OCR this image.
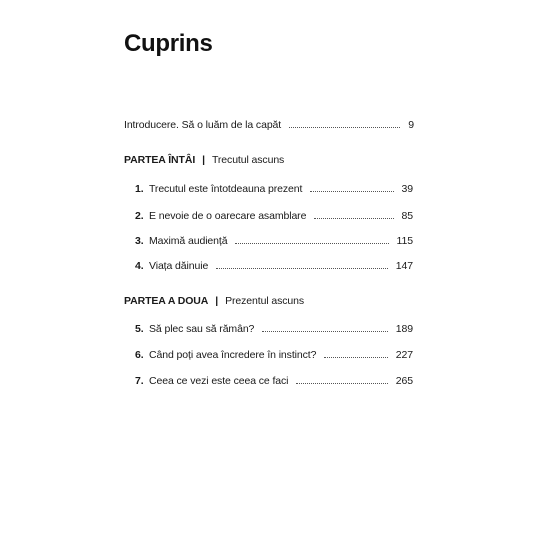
Cuprins
Introducere. Să o luăm de la capăt	9
PARTEA ÎNTÂI | Trecutul ascuns
1. Trecutul este întotdeauna prezent	39
2. E nevoie de o oarecare asamblare	85
3. Maximă audiență	115
4. Viața dăinuie	147
PARTEA A DOUA | Prezentul ascuns
5. Să plec sau să rămân?	189
6. Când poți avea încredere în instinct?	227
7. Ceea ce vezi este ceea ce faci	265
